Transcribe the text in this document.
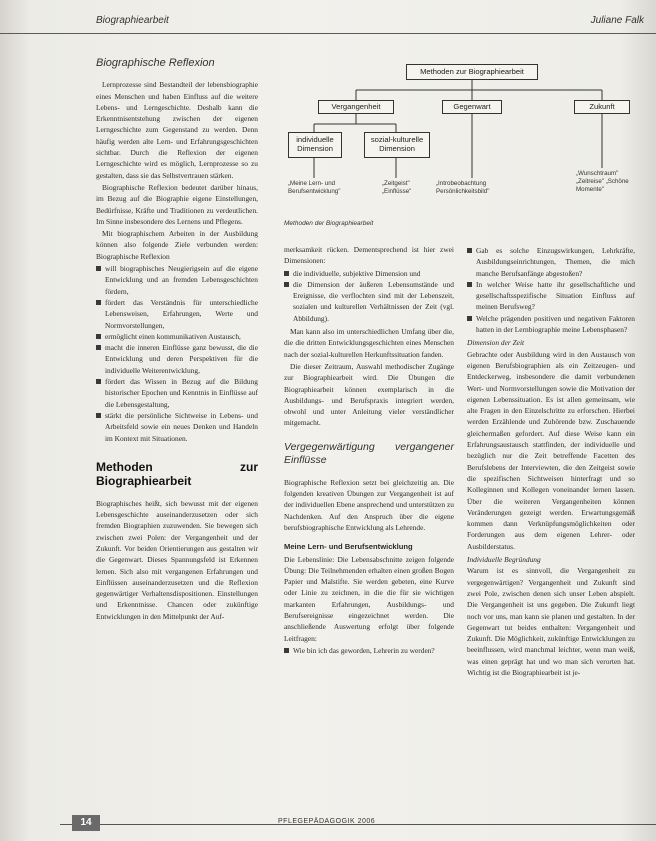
Biographiearbeit	Juliane Falk
Biographische Reflexion

Lernprozesse sind Bestandteil der lebensbiographie eines Menschen und haben Einfluss auf die weitere Lebens- und Lerngeschichte. Deshalb kann die Erkenntnisentstehung zwischen der eigenen Lerngeschichte zum Gegenstand zu werden. Denn häufig werden alte Lern- und Erfahrungsgeschichten sichtbar. Durch die Reflexion der eigenen Lerngeschichte wird es möglich, Lernprozesse so zu gestalten, dass sie das Selbstvertrauen stärken.

Biographische Reflexion bedeutet darüber hinaus, im Bezug auf die Biographie eigene Einstellungen, Bedürfnisse, Kräfte und Traditionen zu verdeutlichen. Im Sinne insbesondere des Lernens und Pflegens.

Mit biographischem Arbeiten in der Ausbildung können also folgende Ziele verbunden werden: Biographische Reflexion

will biographisches Neugierigsein auf die eigene Entwicklung und an fremden Lebensgeschichten fördern,
fördert das Verständnis für unterschiedliche Lebensweisen, Erfahrungen, Werte und Normvorstellungen,
ermöglicht einen kommunikativen Austausch,
macht die inneren Einflüsse ganz bewusst, die die Entwicklung und deren Perspektiven für die individuelle Weiterentwicklung,
fördert das Wissen in Bezug auf die Bildung historischer Epochen und Kenntnis in Einflüsse auf die Lebensgestaltung,
stärkt die persönliche Sichtweise in Lebens- und Arbeitsfeld sowie ein neues Denken und Handeln im Kontext mit Situationen.
Methoden zur Biographiearbeit

Biographisches heißt, sich bewusst mit der eigenen Lebensgeschichte auseinanderzusetzen oder sich fremden Biographien zuzuwenden. Sie bewegen sich zwischen zwei Polen: der Vergangenheit und der Zukunft. Vor beiden Orientierungen aus gestalten wir die Gegenwart. Dieses Spannungsfeld ist Erkennen lernen. Sich also mit vergangenen Erfahrungen und Einflüssen auseinanderzusetzen und die Reflexion gegenwärtiger Verhaltensdispositionen. Einstellungen und Erkenntnisse. Chancen oder zukünftige Entwicklungen in den Mittelpunkt der Auf-

Methoden zur Biographiearbeit
Vergangenheit	Gegenwart	Zukunft
individuelle Dimension
sozial-kulturelle Dimension
„Meine Lern- und Berufsentwicklung"
„Zeitgeist" „Einflüsse"
„Introbeobachtung Persönlichkeitsbild"
„Wunschtraum" „Zeitreise" „Schöne Momente"
Methoden der Biographiearbeit

merksamkeit rücken. Dementsprechend ist hier zwei Dimensionen:

die individuelle, subjektive Dimension und
die Dimension der äußeren Lebensumstände und Ereignisse, die verflochten sind mit der Lebenszeit, sozialen und kulturellen Verhältnissen der Zeit (vgl. Abbildung).

Man kann also im unterschiedlichen Umfang über die, die die dritten Entwicklungsgeschichten eines Menschen nach der sozial-kulturellen Herkunftssituation fanden.

Die dieser Zeitraum, Auswahl methodischer Zugänge zur Biographiearbeit wird. Die Übungen die Biographiearbeit können exemplarisch in die Ausbildungs- und Berufspraxis integriert werden, obwohl und unter Anleitung vieler verständlicher mitgemacht.

Vergegenwärtigung vergangener Einflüsse

Biographische Reflexion setzt bei gleichzeitig an. Die folgenden kreativen Übungen zur Vergangenheit ist auf der individuellen Ebene ansprechend und unterstützen zu Nachdenken. Auf den Anspruch über die eigene berufsbiographische Entwicklung als Lehrende.

Meine Lern- und Berufsentwicklung

Die Lebenslinie: Die Lebensabschnitte zeigen folgende Übung: Die Teilnehmenden erhalten einen großen Bogen Papier und Malstifte. Sie werden gebeten, eine Kurve oder Linie zu zeichnen, in die die für sie wichtigen markanten Erfahrungen, Ausbildungs- und Berufsereignisse eingezeichnet werden. Die anschließende Auswertung erfolgt über folgende Leitfragen:

Wie bin ich das geworden, Lehrerin zu werden?
Gab es solche Einzugswirkungen, Lehrkräfte, Ausbildungseinrichtungen, Themen, die mich manche Berufsanfänge abgestoßen?
In welcher Weise hatte ihr gesellschaftliche und gesellschaftsspezifische Situation Einfluss auf meinen Berufsweg?
Welche prägenden positiven und negativen Faktoren hatten in der Lernbiographie meine Lebensphasen?
Dimension der Zeit

Gebrachte oder Ausbildung wird in den Austausch von eigenen Berufsbiographien als ein Zeitzeugen- und Entdeckerweg, insbesondere die damit verbundenen Wert- und Normvorstellungen sowie die Motivation der eigenen Lebenssituation. Es ist allen gemeinsam, wie alte Fragen in den Einzelschritte zu erforschen. Hierbei werden Erzählende und Zuhörende bzw. Zuschauende gleichermaßen gefordert. Auf diese Weise kann ein Erfahrungsaustausch stattfinden, der individuelle und bezüglich nur die Zeit betreffende Facetten des Berufslebens der Interviewten, die den Zeitgeist sowie die spezifischen Sichtweisen hinterfragt und so Kolleginnen und Kollegen voneinander lernen lassen. Über die weiteren Vergangenheiten können Veränderungen gezeigt werden. Erwartungsgemäß kommen dann Verknüpfungsmöglichkeiten oder Forderungen aus dem eigenen Lehrer- oder Ausbilderstatus.

Individuelle Begründung

Warum ist es sinnvoll, die Vergangenheit zu vergegenwärtigen? Vergangenheit und Zukunft sind zwei Pole, zwischen denen sich unser Leben abspielt. Die Vergangenheit ist uns gegeben. Die Zukunft liegt noch vor uns, man kann sie planen und gestalten. In der Gegenwart tut beides enthalten: Vergangenheit und Zukunft. Die Möglichkeit, zukünftige Entwicklungen zu beeinflussen, wird manchmal leichter, wenn man weiß, was einen geprägt hat und wo man sich verorten hat. Wichtig ist die Biographiearbeit ist je-

14	PFLEGEPÄDAGOGIK 2006
